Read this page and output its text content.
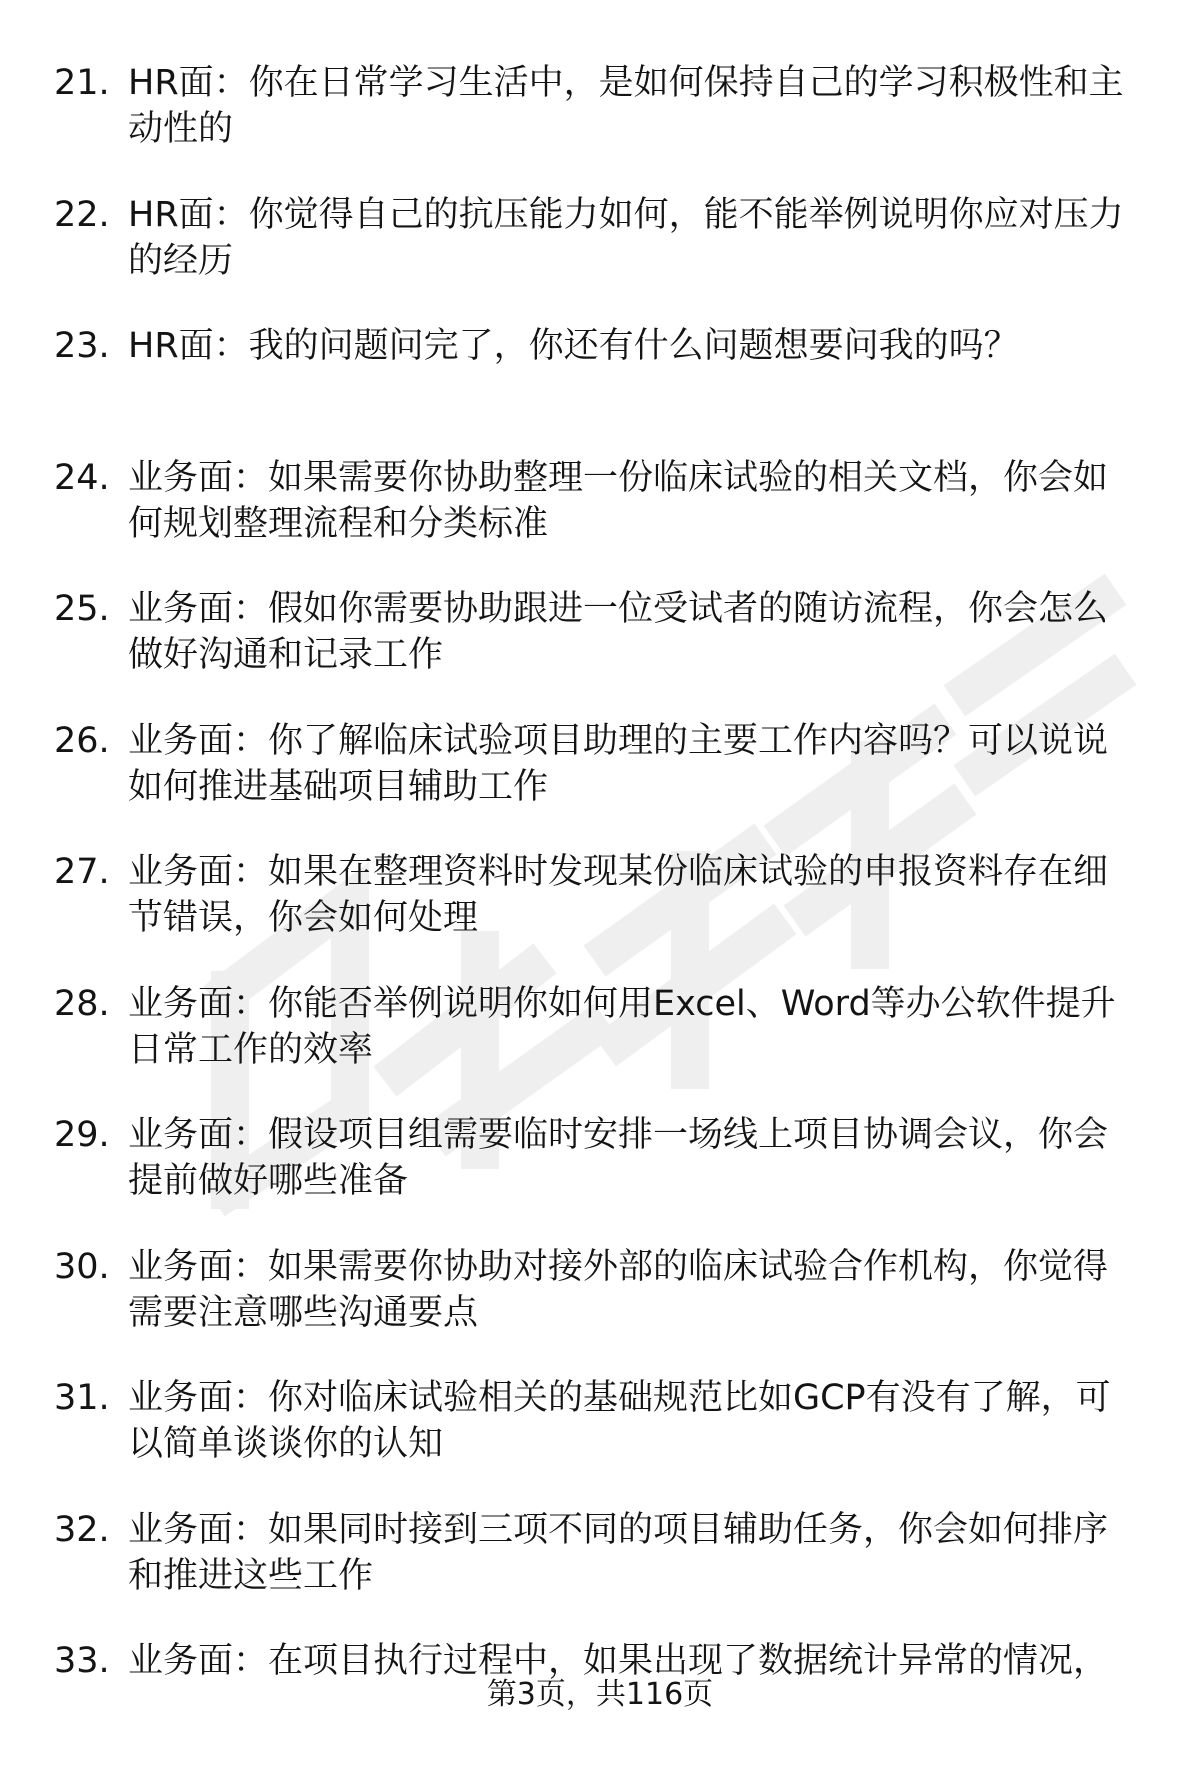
21. HR面：你在日常学习生活中，是如何保持自己的学习积极性和主
动性的
22. HR面：你觉得自己的抗压能力如何，能不能举例说明你应对压力
的经历
23. HR面：我的问题问完了，你还有什么问题想要问我的吗？
24. 业务面：如果需要你协助整理一份临床试验的相关文档，你会如
何规划整理流程和分类标准
25. 业务面：假如你需要协助跟进一位受试者的随访流程，你会怎么
做好沟通和记录工作
26. 业务面：你了解临床试验项目助理的主要工作内容吗？可以说说
如何推进基础项目辅助工作
27. 业务面：如果在整理资料时发现某份临床试验的申报资料存在细
节错误，你会如何处理
28. 业务面：你能否举例说明你如何用Excel、Word等办公软件提升
日常工作的效率
29. 业务面：假设项目组需要临时安排一场线上项目协调会议，你会
提前做好哪些准备
30. 业务面：如果需要你协助对接外部的临床试验合作机构，你觉得
需要注意哪些沟通要点
31. 业务面：你对临床试验相关的基础规范比如GCP有没有了解，可
以简单谈谈你的认知
32. 业务面：如果同时接到三项不同的项目辅助任务，你会如何排序
和推进这些工作
33. 业务面：在项目执行过程中，如果出现了数据统计异常的情况，
第3页，共116页
